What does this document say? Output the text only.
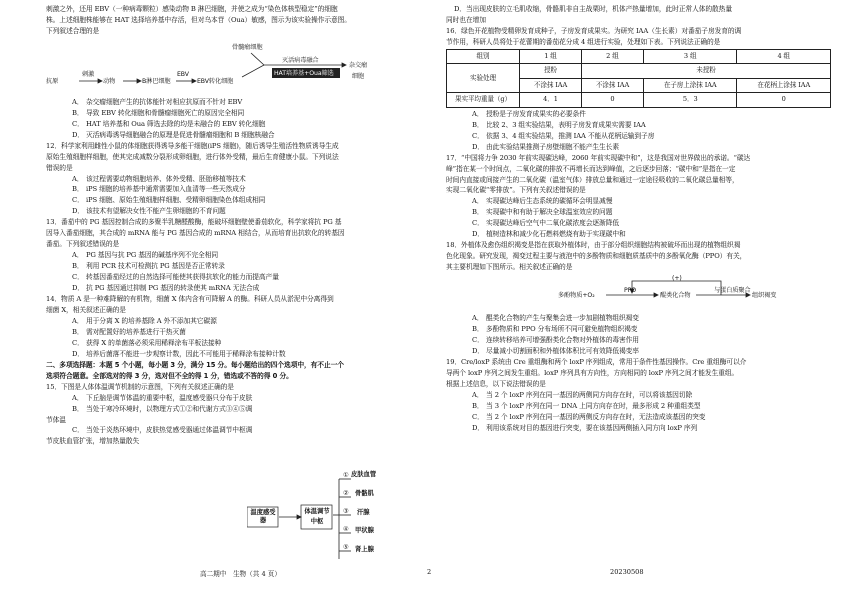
刺激之外，还用 EBV（一种病毒颗粒）感染动物 B 淋巴细胞，并使之成为“染色体核型稳定”的细胞

株。上述细胞株能够在 HAT 选择培养基中存活，但对乌本苷（Oua）敏感，图示为该实验操作示意图。

下列叙述合理的是

抗原
刺激
动物	B淋巴细胞
EBV
EBV转化细胞
骨髓瘤细胞
灭活病毒融合
HAT培养基+Oua筛选
杂交瘤细胞

A． 杂交瘤细胞产生的抗体能针对相应抗原而不针对 EBV

B． 导致 EBV 转化细胞和骨髓瘤细胞死亡的原因完全相同

C． HAT 培养基和 Oua 筛选去除的均是未融合的 EBV 转化细胞

D． 灭活病毒诱导细胞融合的原理是促进骨髓瘤细胞和 B 细胞核融合

12．科学家利用雌性小鼠的体细胞获得诱导多能干细胞(iPS 细胞)，随后诱导生殖活性物质诱导生成

原始生殖细胞样细胞，使其完成减数分裂形成卵细胞，进行体外受精，最后生育健康小鼠。下列说法

错误的是

A． 该过程需要动物细胞培养、体外受精、胚胎移植等技术

B． iPS 细胞的培养基中通常需要加入血清等一些天然成分

C． iPS 细胞、原始生殖细胞样细胞、受精卵细胞染色体组成相同

D． 该技术有望解决女性不能产生卵细胞的不育问题

13．番茄中的 PG 基因控制合成的多聚半乳糖醛酸酶，能破坏细胞壁使番茄软化，科学家将抗 PG 基

因导入番茄细胞，其合成的 mRNA 能与 PG 基因合成的 mRNA 相结合，从而培育出抗软化的转基因

番茄。下列叙述错误的是

A． PG 基因与抗 PG 基因的碱基序列不完全相同

B． 利用 PCR 技术可检测抗 PG 基因是否正常转录

C． 转基因番茄经过的自然选择可能使其获得抗软化的能力而提高产量

D． 抗 PG 基因通过抑制 PG 基因的转录使其 mRNA 无法合成

14．物质 A 是一种难降解的有机物，细菌 X 体内含有可降解 A 的酶。科研人员从淤泥中分离得到

细菌 X，相关叙述正确的是

A． 用于分离 X 的培养基除 A 外不添加其它碳源

B． 需对配置好的培养基进行干热灭菌

C． 获得 X 的单菌落必须采用稀释涂布平板法接种

D． 培养后菌落不能进一步观察计数，因此不可能用于稀释涂布接种计数

二、多项选择题：本题 5 个小题，每小题 3 分，满分 15 分。每小题给出的四个选项中，有不止一个

选项符合题意。全部选对的得 3 分，选对但不全的得 1 分，错选或不答的得 0 分。

15．下图是人体体温调节机制的示意图，下列有关叙述正确的是

A． 下丘脑是调节体温的重要中枢，温度感受器只分布于皮肤

B． 当处于寒冷环境时，以物理方式①②和代谢方式③④⑤调

节体温

C． 当处于炎热环境中，皮肤热觉感受器通过体温调节中枢调

节皮肤血管扩张，增加热量散失

皮肤血管
骨骼肌
汗腺
甲状腺
肾上腺
①
②
③
④
⑤
温度感受器
体温调节中枢

D．当出现皮肤的立毛肌收缩，骨骼肌非自主战栗时，机体产热量增加，此时正常人体的散热量

同时也在增加

16．绿色开花植物受精卵发育成种子，子房发育成果实。为研究 IAA（生长素）对番茄子房发育的调

节作用，科研人员将处于花蕾期的番茄花分成 4 组进行实验，处理如下表。下列说法正确的是

组别	1 组	2 组	3 组	4 组
实验处理	授粉	未授粉		
	不涂抹 IAA	不涂抹 IAA	在子房上涂抹 IAA	在花柄上涂抹 IAA
果实平均重量（g）	4．1	0	5．3	0

A． 授粉是子房发育成果实的必要条件

B． 比较 2、3 组实验结果，表明子房发育成果实需要 IAA

C． 依据 3、4 组实验结果，推测 IAA 不能从花柄运输到子房

D． 由此实验结果推测子房壁细胞不能产生生长素

17．“中国将力争 2030 年前实现碳达峰，2060 年前实现碳中和”，这是我国对世界做出的承诺。“碳达

峰”指在某一个时间点，二氧化碳的排放不再增长而达到峰值，之后逐步回落；“碳中和”是指在一定

时间内直接或间接产生的二氧化碳（温室气体）排放总量和通过一定途径吸收的二氧化碳总量相等，

实现二氧化碳“零排放”。下列有关叙述错误的是

A． 实现碳达峰后生态系统的碳循环会明显减慢

B． 实现碳中和有助于解决全球温室效应的问题

C． 实现碳达峰后空气中二氧化碳浓度会逐渐降低

D． 植树造林和减少化石燃料燃烧有助于实现碳中和

18．外植体及愈伤组织褐变是指在获取外植体时，由于部分组织细胞结构被破坏而出现的植物组织褐

色化现象。研究发现，褐变过程主要与液泡中的多酚物质和细胞质基质中的多酚氧化酶（PPO）有关，

其主要机理如下图所示。相关叙述正确的是

(+)
多酚物质+O₂
PPO
醌类化合物
与蛋白质聚合
组织褐变

A． 醌类化合物的产生与聚集会进一步加剧植物组织褐变

B． 多酚物质和 PPO 分布场所不同可避免植物组织褐变

C． 连续转移培养可增强酚类化合物对外植体的毒害作用

D． 尽量减小切割面积和外植体体积比可有效降低褐变率

19．Cre/loxP 系统由 Cre 重组酶和两个 loxP 序列组成，常用于条件性基因操作。Cre 重组酶可以介

导两个 loxP 序列之间发生重组。loxP 序列具有方向性，方向相同的 loxP 序列之间才能发生重组。

根据上述信息，以下说法错误的是

A． 当 2 个 loxP 序列在同一基因的两侧同方向存在时，可以将该基因切除

B． 当 3 个 loxP 序列在同一 DNA 上同方向存在时，最多形成 2 种重组类型

C． 当 2 个 loxP 序列在同一基因的两侧反方向存在时，无法造成该基因的突变

D． 利用该系统对目的基因进行突变，要在该基因两侧插入同方向 loxP 序列

高二期中　生物（共 4 页）	2	20230508
